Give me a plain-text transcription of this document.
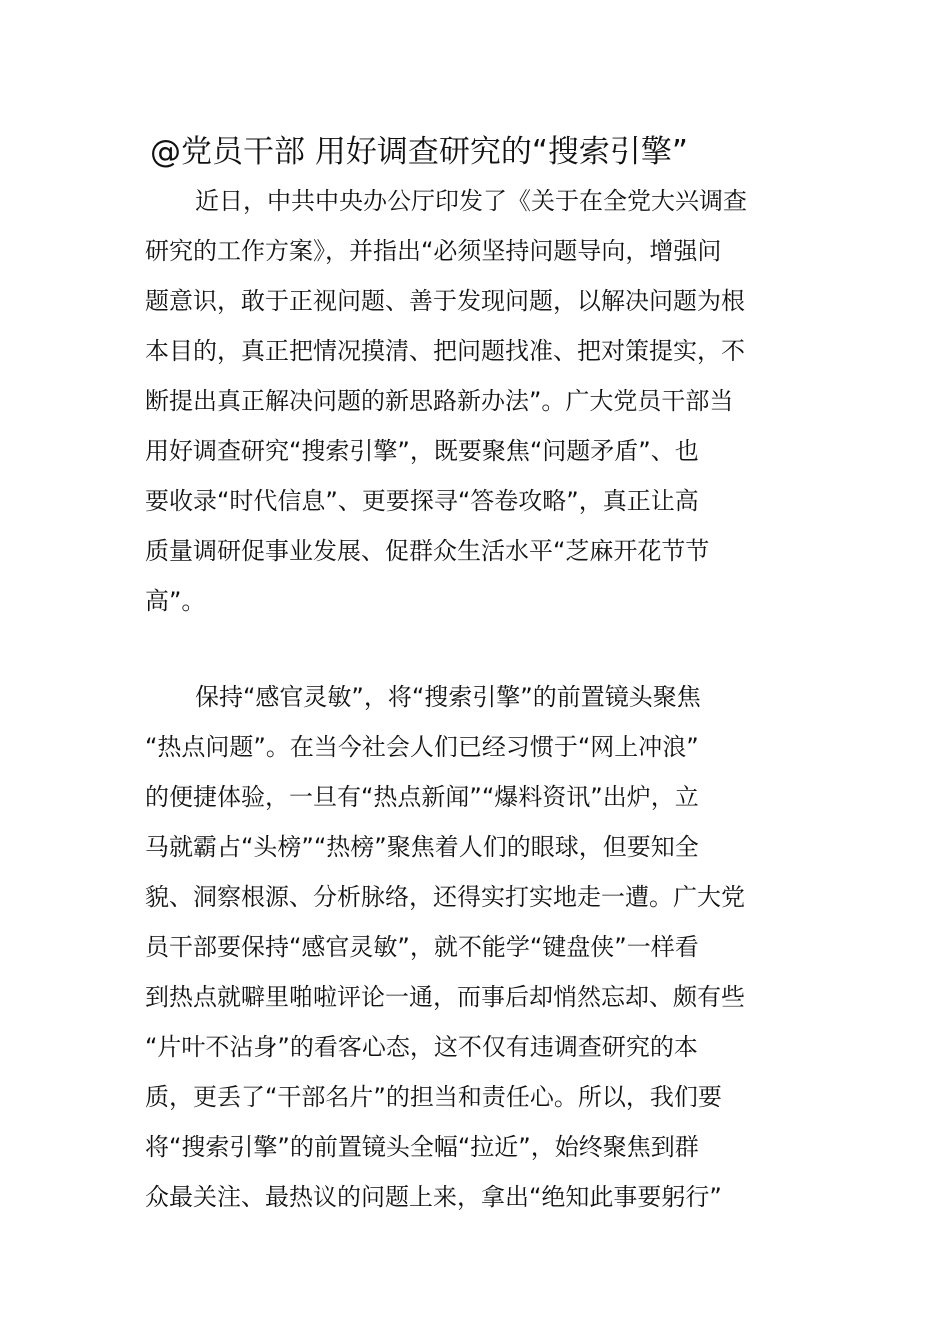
@党员干部 用好调查研究的“搜索引擎”
近日，中共中央办公厅印发了《关于在全党大兴调查
研究的工作方案》，并指出“必须坚持问题导向，增强问
题意识，敢于正视问题、善于发现问题，以解决问题为根
本目的，真正把情况摸清、把问题找准、把对策提实，不
断提出真正解决问题的新思路新办法”。广大党员干部当
用好调查研究“搜索引擎”，既要聚焦“问题矛盾”、也
要收录“时代信息”、更要探寻“答卷攻略”，真正让高
质量调研促事业发展、促群众生活水平“芝麻开花节节
高”。
保持“感官灵敏”，将“搜索引擎”的前置镜头聚焦
“热点问题”。在当今社会人们已经习惯于“网上冲浪”
的便捷体验，一旦有“热点新闻”“爆料资讯”出炉，立
马就霸占“头榜”“热榜”聚焦着人们的眼球，但要知全
貌、洞察根源、分析脉络，还得实打实地走一遭。广大党
员干部要保持“感官灵敏”，就不能学“键盘侠”一样看
到热点就噼里啪啦评论一通，而事后却悄然忘却、颇有些
“片叶不沾身”的看客心态，这不仅有违调查研究的本
质，更丢了“干部名片”的担当和责任心。所以，我们要
将“搜索引擎”的前置镜头全幅“拉近”，始终聚焦到群
众最关注、最热议的问题上来，拿出“绝知此事要躬行”
